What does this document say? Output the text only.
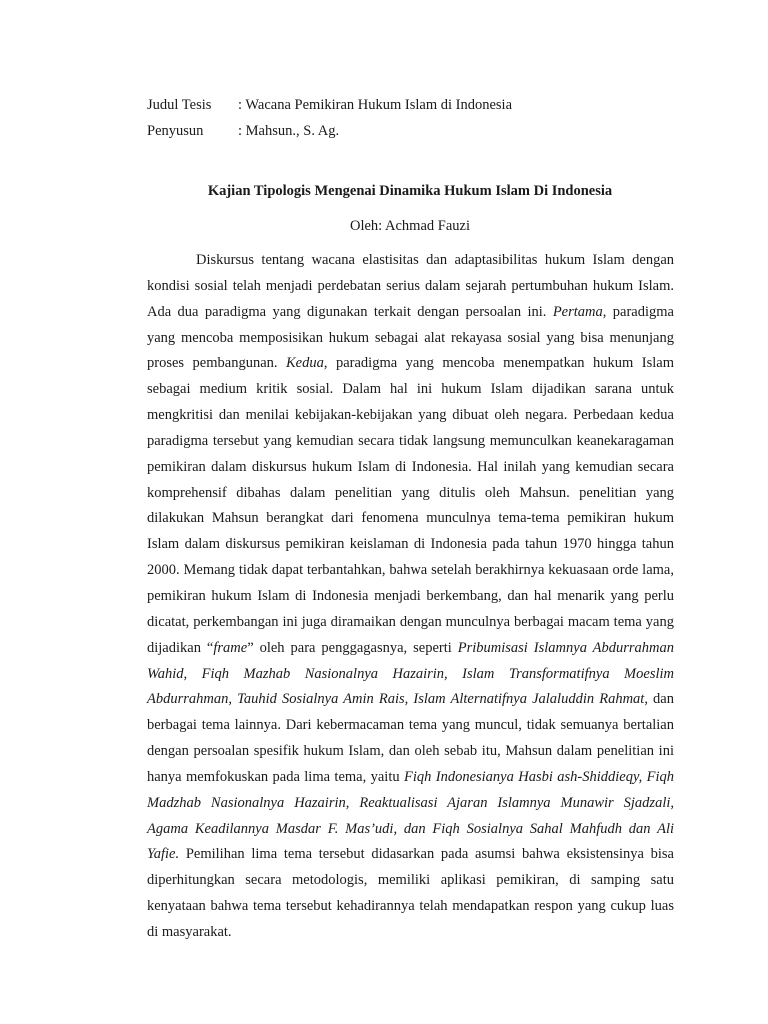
Judul Tesis	: Wacana Pemikiran Hukum Islam di Indonesia
Penyusun	: Mahsun., S. Ag.
Kajian Tipologis Mengenai Dinamika Hukum Islam Di Indonesia
Oleh: Achmad Fauzi

Diskursus tentang wacana elastisitas dan adaptasibilitas hukum Islam dengan kondisi sosial telah menjadi perdebatan serius dalam sejarah pertumbuhan hukum Islam. Ada dua paradigma yang digunakan terkait dengan persoalan ini. Pertama, paradigma yang mencoba memposisikan hukum sebagai alat rekayasa sosial yang bisa menunjang proses pembangunan. Kedua, paradigma yang mencoba menempatkan hukum Islam sebagai medium kritik sosial. Dalam hal ini hukum Islam dijadikan sarana untuk mengkritisi dan menilai kebijakan-kebijakan yang dibuat oleh negara. Perbedaan kedua paradigma tersebut yang kemudian secara tidak langsung memunculkan keanekaragaman pemikiran dalam diskursus hukum Islam di Indonesia. Hal inilah yang kemudian secara komprehensif dibahas dalam penelitian yang ditulis oleh Mahsun. penelitian yang dilakukan Mahsun berangkat dari fenomena munculnya tema-tema pemikiran hukum Islam dalam diskursus pemikiran keislaman di Indonesia pada tahun 1970 hingga tahun 2000. Memang tidak dapat terbantahkan, bahwa setelah berakhirnya kekuasaan orde lama, pemikiran hukum Islam di Indonesia menjadi berkembang, dan hal menarik yang perlu dicatat, perkembangan ini juga diramaikan dengan munculnya berbagai macam tema yang dijadikan “frame” oleh para penggagasnya, seperti Pribumisasi Islamnya Abdurrahman Wahid, Fiqh Mazhab Nasionalnya Hazairin, Islam Transformatifnya Moeslim Abdurrahman, Tauhid Sosialnya Amin Rais, Islam Alternatifnya Jalaluddin Rahmat, dan berbagai tema lainnya. Dari kebermacaman tema yang muncul, tidak semuanya bertalian dengan persoalan spesifik hukum Islam, dan oleh sebab itu, Mahsun dalam penelitian ini hanya memfokuskan pada lima tema, yaitu Fiqh Indonesianya Hasbi ash-Shiddieqy, Fiqh Madzhab Nasionalnya Hazairin, Reaktualisasi Ajaran Islamnya Munawir Sjadzali, Agama Keadilannya Masdar F. Mas’udi, dan Fiqh Sosialnya Sahal Mahfudh dan Ali Yafie. Pemilihan lima tema tersebut didasarkan pada asumsi bahwa eksistensinya bisa diperhitungkan secara metodologis, memiliki aplikasi pemikiran, di samping satu kenyataan bahwa tema tersebut kehadirannya telah mendapatkan respon yang cukup luas di masyarakat.
